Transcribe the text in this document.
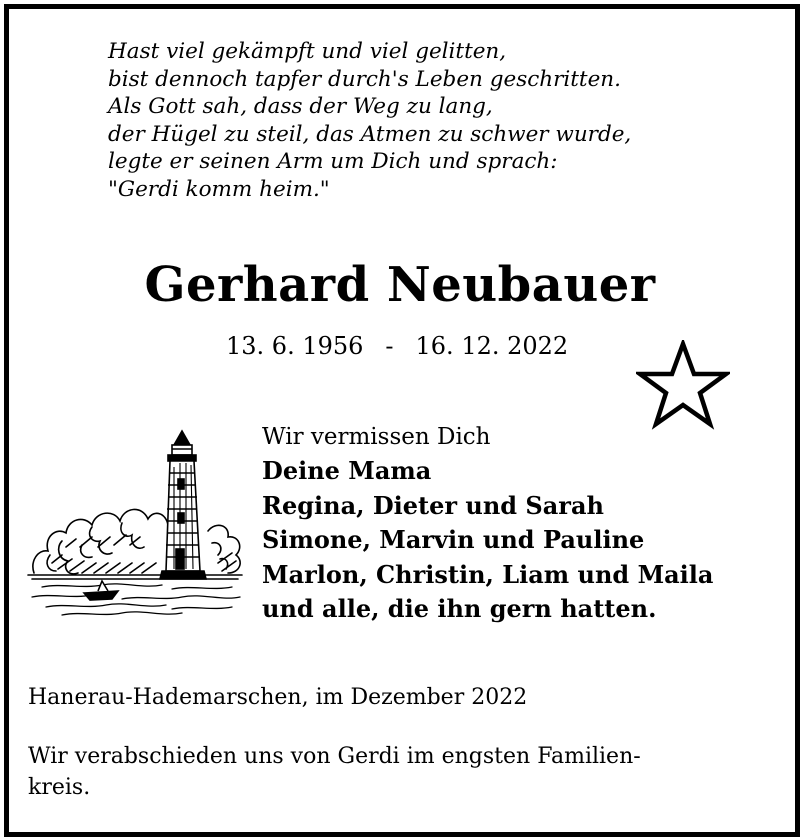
Hast viel gekämpft und viel gelitten,
bist dennoch tapfer durch's Leben geschritten.
Als Gott sah, dass der Weg zu lang,
der Hügel zu steil, das Atmen zu schwer wurde,
legte er seinen Arm um Dich und sprach:
"Gerdi komm heim."
Gerhard Neubauer
13. 6. 1956 - 16. 12. 2022
Wir vermissen Dich
Deine Mama
Regina, Dieter und Sarah
Simone, Marvin und Pauline
Marlon, Christin, Liam und Maila
und alle, die ihn gern hatten.
Hanerau-Hademarschen, im Dezember 2022
Wir verabschieden uns von Gerdi im engsten Familien-
kreis.
